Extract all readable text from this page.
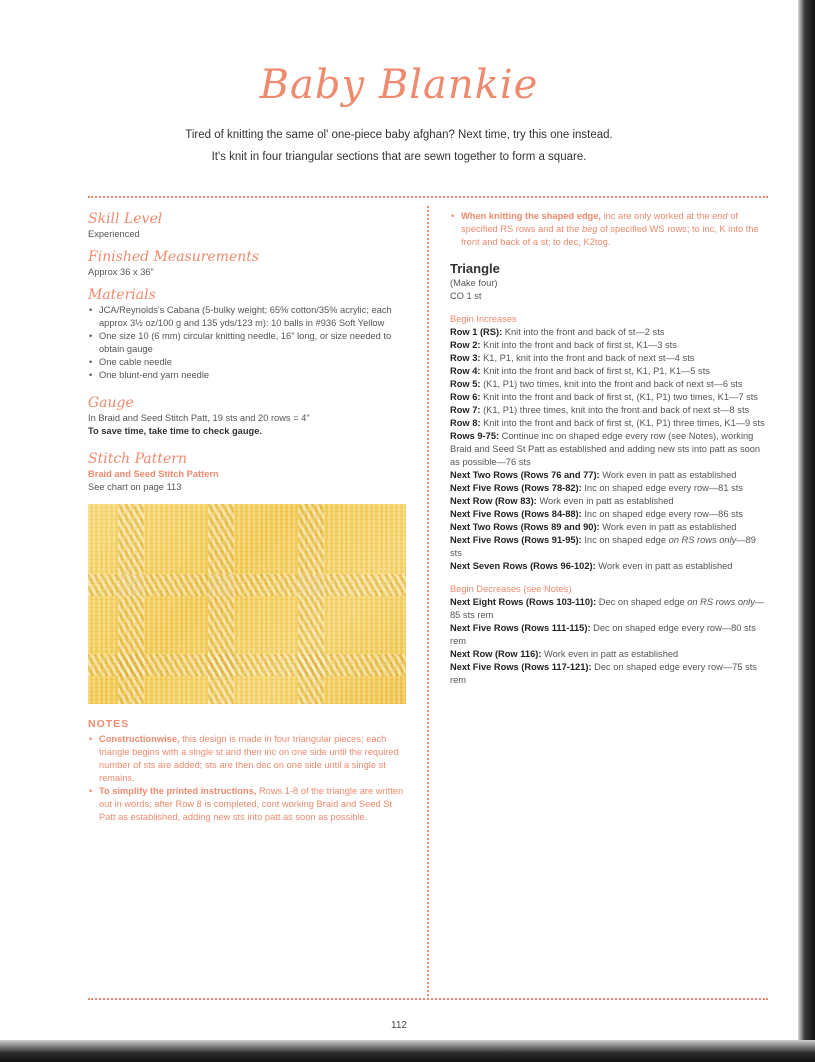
Baby Blankie
Tired of knitting the same ol' one-piece baby afghan? Next time, try this one instead.
It's knit in four triangular sections that are sewn together to form a square.

Skill Level

Experienced

Finished Measurements

Approx 36 x 36"

Materials

• JCA/Reynolds's Cabana (5-bulky weight; 65% cotton/35% acrylic; each approx 3½ oz/100 g and 135 yds/123 m): 10 balls in #936 Soft Yellow
• One size 10 (6 mm) circular knitting needle, 16" long, or size needed to obtain gauge
• One cable needle
• One blunt-end yarn needle

Gauge

In Braid and Seed Stitch Patt, 19 sts and 20 rows = 4"

To save time, take time to check gauge.

Stitch Pattern

Braid and Seed Stitch Pattern

See chart on page 113

NOTES
• Constructionwise, this design is made in four triangular pieces; each triangle begins with a single st and then inc on one side until the required number of sts are added; sts are then dec on one side until a single st remains.
• To simplify the printed instructions, Rows 1-8 of the triangle are written out in words; after Row 8 is completed, cont working Braid and Seed St Patt as established, adding new sts into patt as soon as possible.
• When knitting the shaped edge, inc are only worked at the end of specified RS rows and at the beg of specified WS rows; to inc, K into the front and back of a st; to dec, K2tog.
Triangle

(Make four)

CO 1 st

Begin Increases

Row 1 (RS): Knit into the front and back of st—2 sts

Row 2: Knit into the front and back of first st, K1—3 sts

Row 3: K1, P1, knit into the front and back of next st—4 sts

Row 4: Knit into the front and back of first st, K1, P1, K1—5 sts

Row 5: (K1, P1) two times, knit into the front and back of next st—6 sts

Row 6: Knit into the front and back of first st, (K1, P1) two times, K1—7 sts

Row 7: (K1, P1) three times, knit into the front and back of next st—8 sts

Row 8: Knit into the front and back of first st, (K1, P1) three times, K1—9 sts

Rows 9-75: Continue inc on shaped edge every row (see Notes), working Braid and Seed St Patt as established and adding new sts into patt as soon as possible—76 sts

Next Two Rows (Rows 76 and 77): Work even in patt as established

Next Five Rows (Rows 78-82): Inc on shaped edge every row—81 sts

Next Row (Row 83): Work even in patt as established

Next Five Rows (Rows 84-88): Inc on shaped edge every row—86 sts

Next Two Rows (Rows 89 and 90): Work even in patt as established

Next Five Rows (Rows 91-95): Inc on shaped edge on RS rows only—89 sts

Next Seven Rows (Rows 96-102): Work even in patt as established

Begin Decreases (see Notes)

Next Eight Rows (Rows 103-110): Dec on shaped edge on RS rows only—85 sts rem

Next Five Rows (Rows 111-115): Dec on shaped edge every row—80 sts rem

Next Row (Row 116): Work even in patt as established

Next Five Rows (Rows 117-121): Dec on shaped edge every row—75 sts rem

112
